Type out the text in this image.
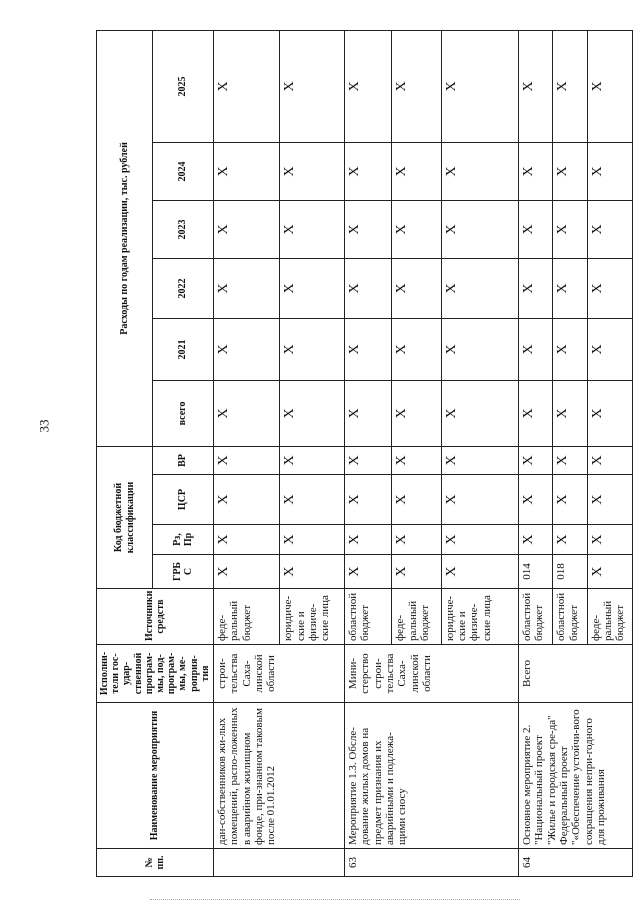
33
№ пп.	Наименование мероприятия	Исполни-тели гос-удар-ственной програм-мы, под-програм-мы, ме-роприя-тия	Источники средств	Код бюджетной классификации				Расходы по годам реализации, тыс. рублей					
				ГРБ С	Рз, Пр	ЦСР	ВР	всего	2021	2022	2023	2024	2025
	дан-собственников жи-лых помещений, распо-ложенных в аварийном жилищном фонде, при-знанном таковым после 01.01.2012	строи-тельства Саха-линской области	феде-ральный бюджет	X	X	X	X	X	X	X	X	X	X
			юридиче-ские и физиче-ские лица	X	X	X	X	X	X	X	X	X	X
63	Мероприятие 1.3. Обсле-дование жилых домов на предмет признания их аварийными и подлежа-щими сносу	Мини-стерство строи-тельства Саха-линской области	областной бюджет	X	X	X	X	X	X	X	X	X	X
			феде-ральный бюджет	X	X	X	X	X	X	X	X	X	X
			юридиче-ские и физиче-ские лица	X	X	X	X	X	X	X	X	X	X
64	Основное мероприятие 2. "Национальный проект "Жилье и городская сре-да" Федеральный проект "«Обеспечение устойчи-вого сокращения непри-годного для проживания	Всего	областной бюджет	014	X	X	X	X	X	X	X	X	X
			областной бюджет	018	X	X	X	X	X	X	X	X	X
			феде-ральный бюджет	X	X	X	X	X	X	X	X	X	X
